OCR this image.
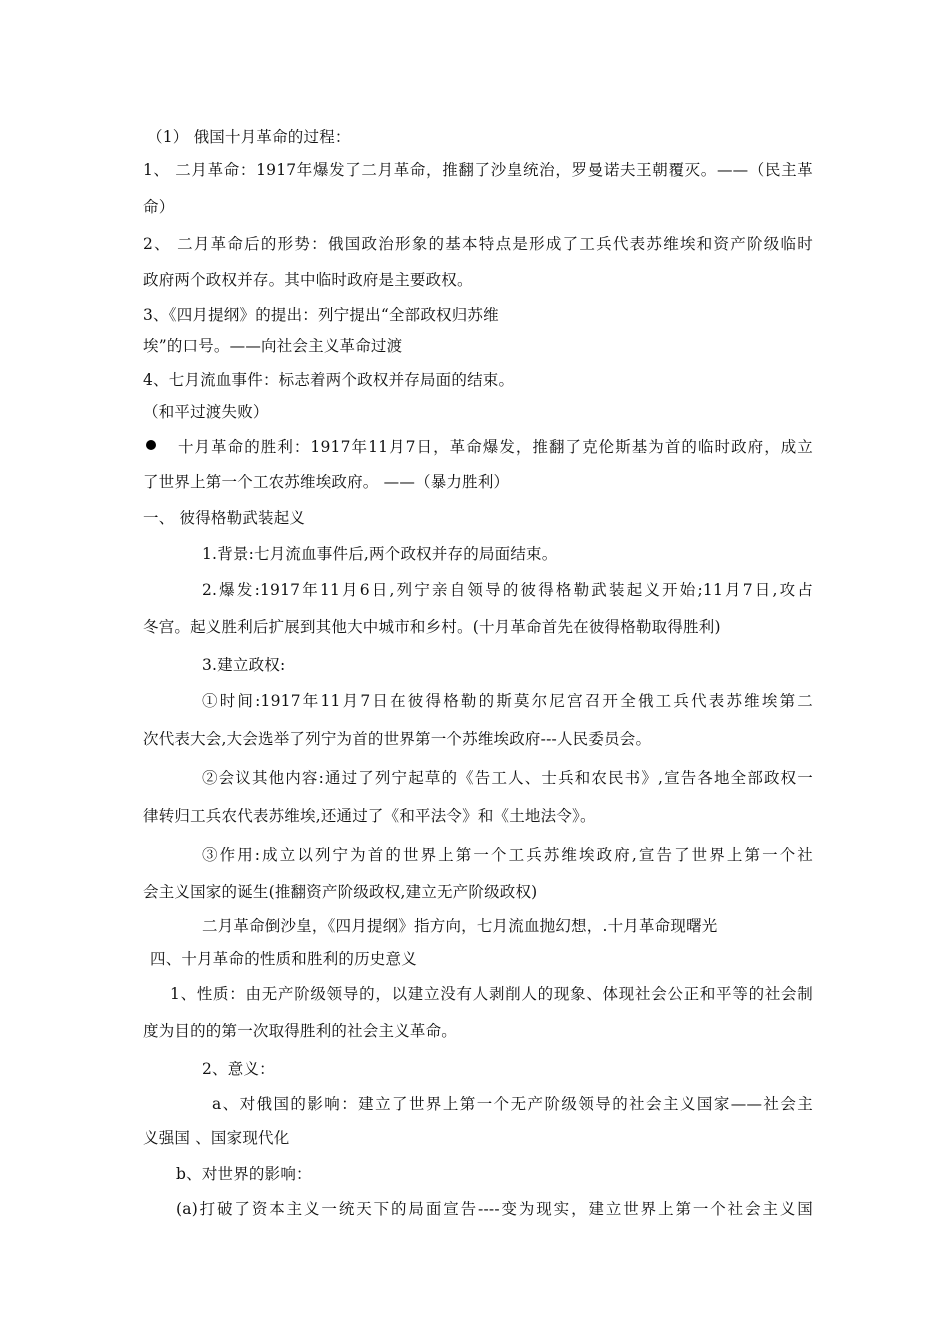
（1） 俄国十月革命的过程：
1、 二月革命：1917年爆发了二月革命，推翻了沙皇统治，罗曼诺夫王朝覆灭。——（民主革
命）
2、 二月革命后的形势：俄国政治形象的基本特点是形成了工兵代表苏维埃和资产阶级临时
政府两个政权并存。其中临时政府是主要政权。
3、《四月提纲》的提出：列宁提出“全部政权归苏维
埃”的口号。——向社会主义革命过渡
4、七月流血事件：标志着两个政权并存局面的结束。
（和平过渡失败）
十月革命的胜利：1917年11月7日，革命爆发，推翻了克伦斯基为首的临时政府，成立
了世界上第一个工农苏维埃政府。 ——（暴力胜利）
一、 彼得格勒武装起义
1.背景:七月流血事件后,两个政权并存的局面结束。
2.爆发:1917年11月6日,列宁亲自领导的彼得格勒武装起义开始;11月7日,攻占
冬宫。起义胜利后扩展到其他大中城市和乡村。(十月革命首先在彼得格勒取得胜利)
3.建立政权:
①时间:1917年11月7日在彼得格勒的斯莫尔尼宫召开全俄工兵代表苏维埃第二
次代表大会,大会选举了列宁为首的世界第一个苏维埃政府---人民委员会。
②会议其他内容:通过了列宁起草的《告工人、士兵和农民书》,宣告各地全部政权一
律转归工兵农代表苏维埃,还通过了《和平法令》和《土地法令》。
③作用:成立以列宁为首的世界上第一个工兵苏维埃政府,宣告了世界上第一个社
会主义国家的诞生(推翻资产阶级政权,建立无产阶级政权)
二月革命倒沙皇，《四月提纲》指方向，七月流血抛幻想，.十月革命现曙光
四、十月革命的性质和胜利的历史意义
1、性质：由无产阶级领导的，以建立没有人剥削人的现象、体现社会公正和平等的社会制
度为目的的第一次取得胜利的社会主义革命。
2、意义：
a、对俄国的影响：建立了世界上第一个无产阶级领导的社会主义国家——社会主
义强国 、国家现代化
b、对世界的影响：
(a)打破了资本主义一统天下的局面宣告----变为现实，建立世界上第一个社会主义国
